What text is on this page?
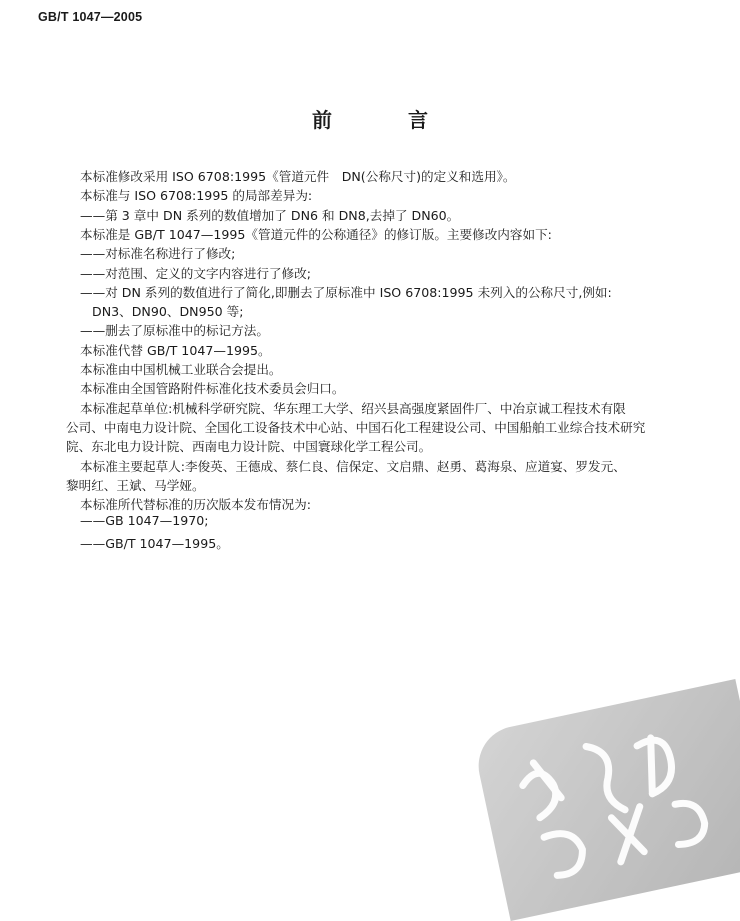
GB/T 1047—2005
前　言
本标准修改采用 ISO 6708:1995《管道元件　DN(公称尺寸)的定义和选用》。
本标准与 ISO 6708:1995 的局部差异为:
——第 3 章中 DN 系列的数值增加了 DN6 和 DN8,去掉了 DN60。
本标准是 GB/T 1047—1995《管道元件的公称通径》的修订版。主要修改内容如下:
——对标准名称进行了修改;
——对范围、定义的文字内容进行了修改;
——对 DN 系列的数值进行了简化,即删去了原标准中 ISO 6708:1995 未列入的公称尺寸,例如:
DN3、DN90、DN950 等;
——删去了原标准中的标记方法。
本标准代替 GB/T 1047—1995。
本标准由中国机械工业联合会提出。
本标准由全国管路附件标准化技术委员会归口。
本标准起草单位:机械科学研究院、华东理工大学、绍兴县高强度紧固件厂、中冶京诚工程技术有限
公司、中南电力设计院、全国化工设备技术中心站、中国石化工程建设公司、中国船舶工业综合技术研究
院、东北电力设计院、西南电力设计院、中国寰球化学工程公司。
本标准主要起草人:李俊英、王德成、蔡仁良、信保定、文启鼎、赵勇、葛海泉、应道宴、罗发元、
黎明红、王斌、马学娅。
本标准所代替标准的历次版本发布情况为:
——GB 1047—1970;
——GB/T 1047—1995。
